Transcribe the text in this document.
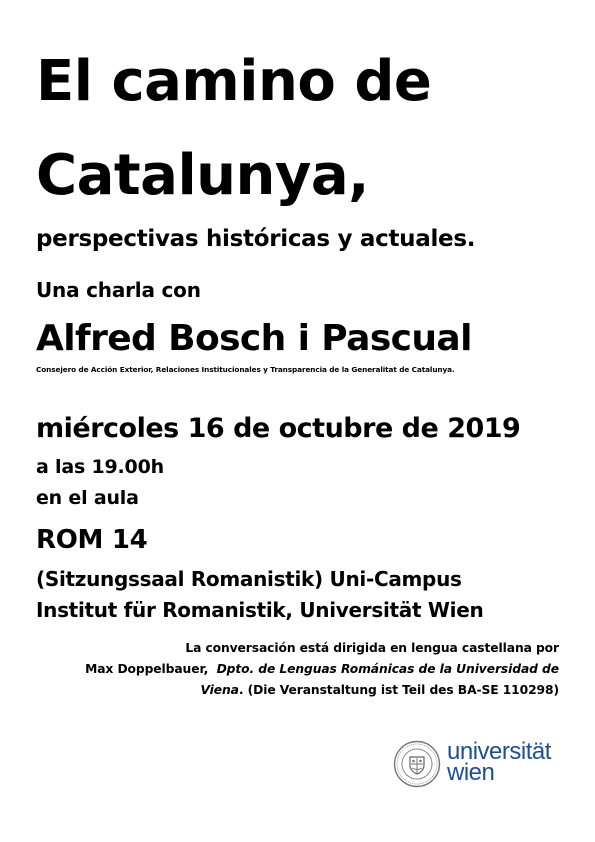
El camino de
Catalunya,
perspectivas históricas y actuales.
Una charla con
Alfred Bosch i Pascual
Consejero de Acción Exterior, Relaciones Institucionales y Transparencia de la Generalitat de Catalunya.
miércoles 16 de octubre de 2019
a las 19.00h
en el aula
ROM 14
(Sitzungssaal Romanistik) Uni-Campus
Institut für Romanistik, Universität Wien
La conversación está dirigida en lengua castellana por
Max Doppelbauer, Dpto. de Lenguas Románicas de la Universidad de Viena. (Die Veranstaltung ist Teil des BA-SE 110298)
universität
wien
